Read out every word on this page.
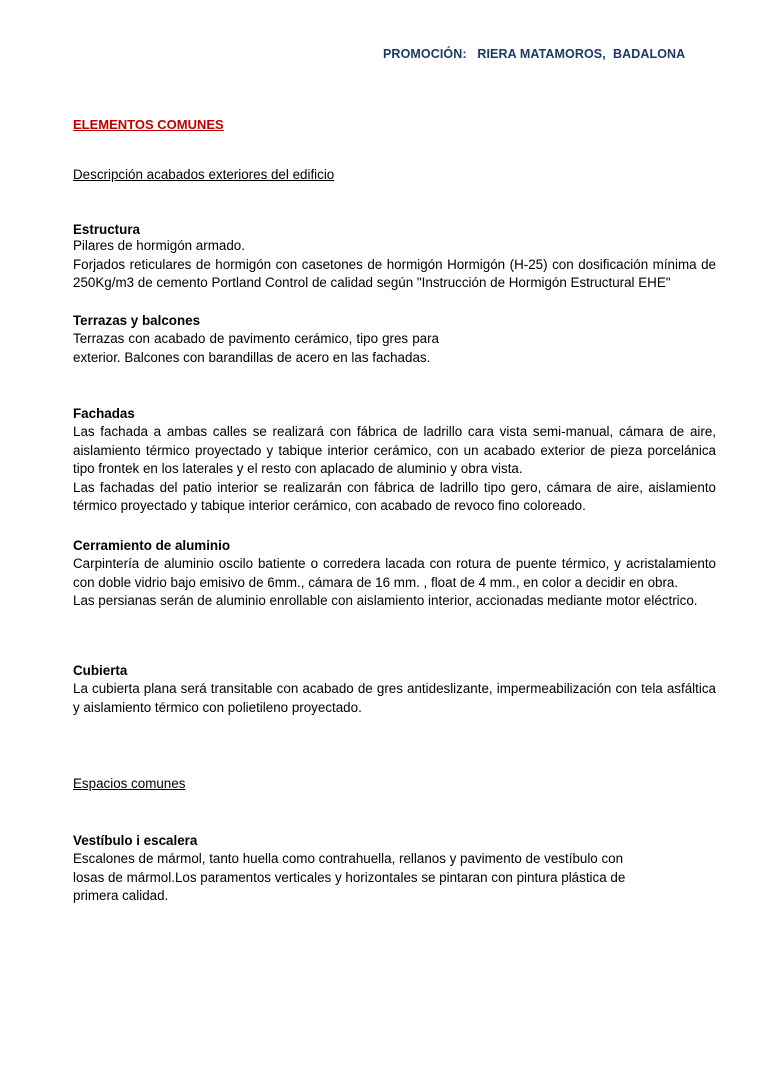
PROMOCIÓN: RIERA MATAMOROS,  BADALONA
ELEMENTOS COMUNES
Descripción acabados exteriores del edificio
Estructura

Pilares de hormigón armado.

Forjados reticulares de hormigón con casetones de hormigón Hormigón (H-25) con dosificación mínima de 250Kg/m3 de cemento Portland Control de calidad según "Instrucción de Hormigón Estructural EHE"

Terrazas y balcones

Terrazas con acabado de pavimento cerámico, tipo gres para exterior. Balcones con barandillas de acero en las fachadas.

Fachadas

Las fachada a ambas calles se realizará con fábrica de ladrillo cara vista semi-manual, cámara de aire, aislamiento térmico proyectado y tabique interior cerámico, con un acabado exterior de pieza porcelánica tipo frontek en los laterales y el resto con aplacado de aluminio y obra vista.

Las fachadas del patio interior se realizarán con fábrica de ladrillo tipo gero, cámara de aire, aislamiento térmico proyectado y tabique interior cerámico, con acabado de revoco fino coloreado.

Cerramiento de aluminio

Carpintería de aluminio oscilo batiente o corredera lacada con rotura de puente térmico, y acristalamiento con doble vidrio bajo emisivo de 6mm., cámara de 16 mm. , float de 4 mm., en color a decidir en obra.

Las persianas serán de aluminio enrollable con aislamiento interior, accionadas mediante motor eléctrico.

Cubierta

La cubierta plana será transitable con acabado de gres antideslizante, impermeabilización con tela asfáltica y aislamiento térmico con polietileno proyectado.

Espacios comunes
Vestíbulo i escalera

Escalones de mármol, tanto huella como contrahuella, rellanos y pavimento de vestíbulo con

losas de mármol.Los paramentos verticales y horizontales se pintaran con pintura plástica de

primera calidad.
